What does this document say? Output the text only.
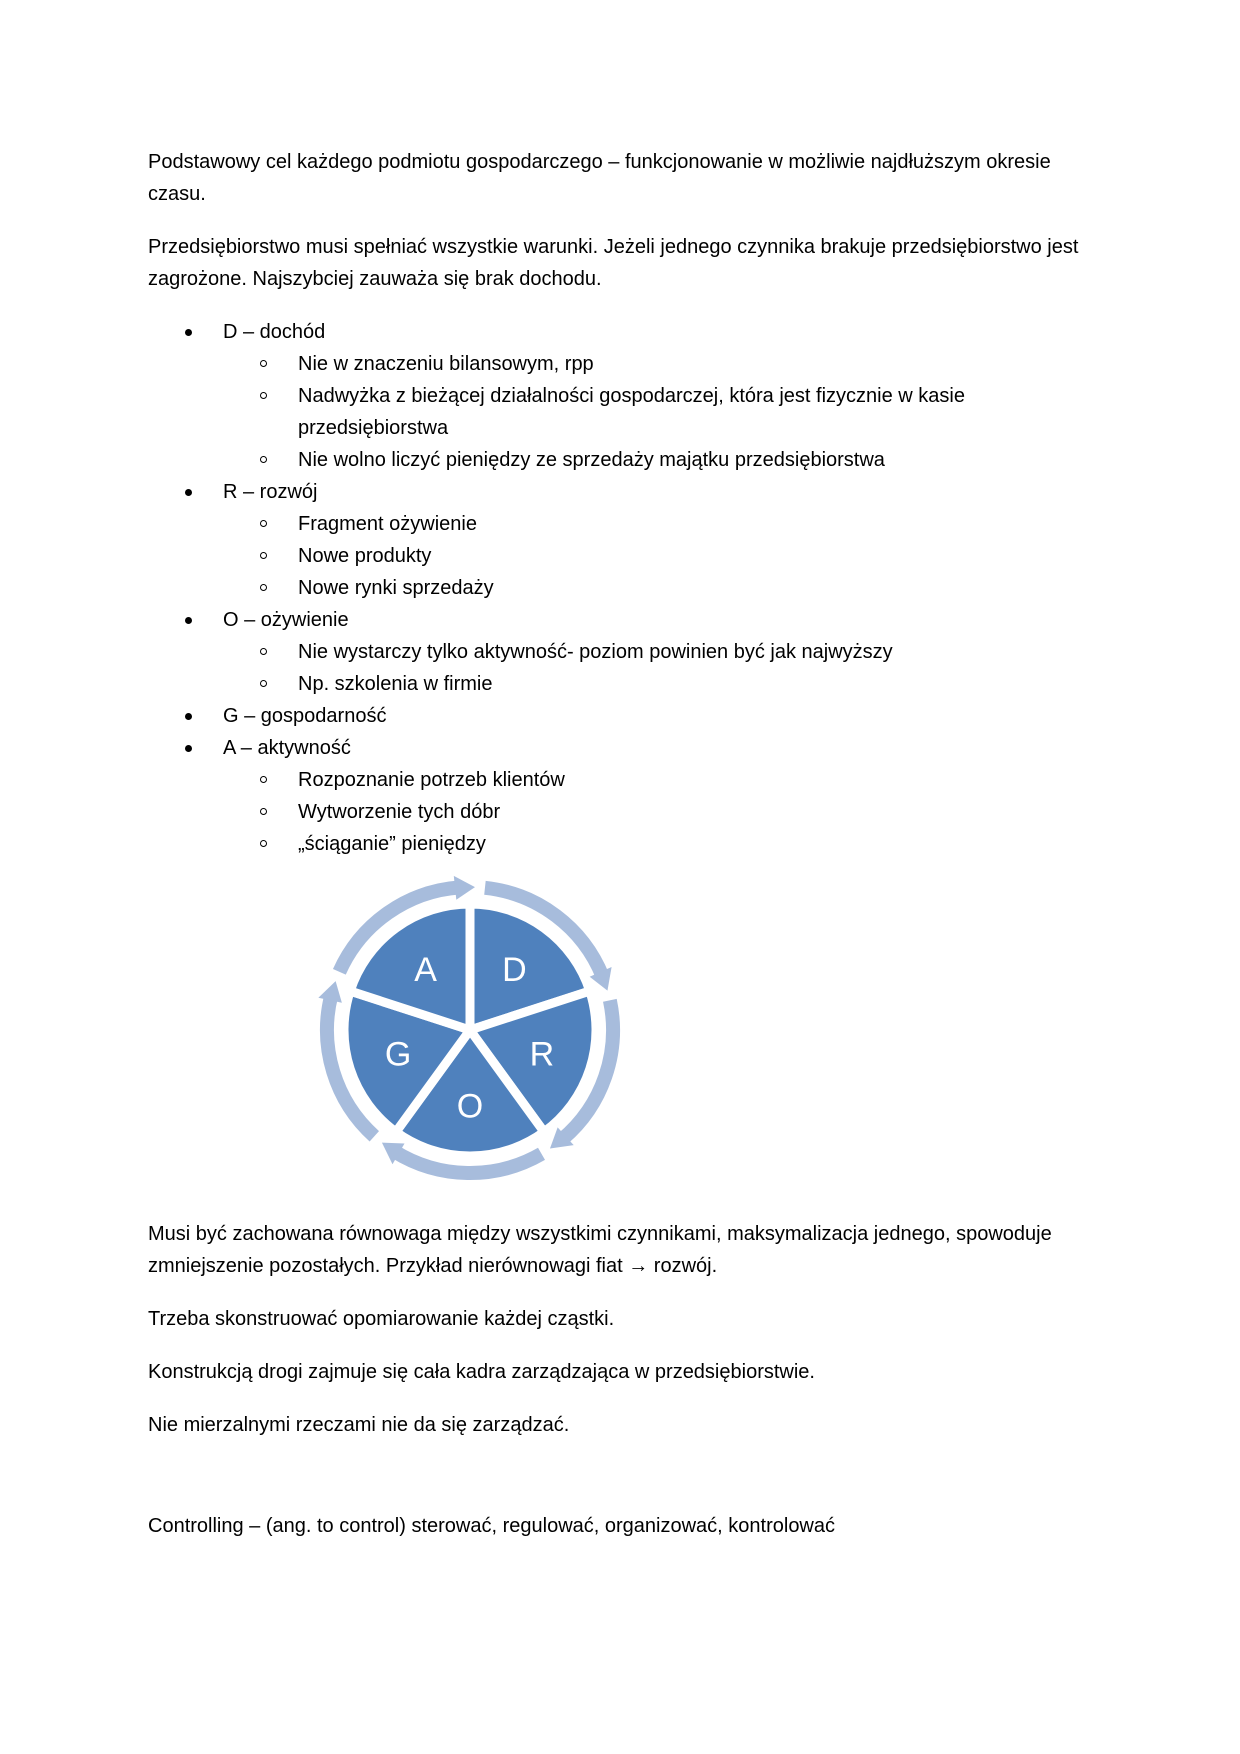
Podstawowy cel każdego podmiotu gospodarczego – funkcjonowanie w możliwie najdłuższym okresie czasu.

Przedsiębiorstwo musi spełniać wszystkie warunki. Jeżeli jednego czynnika brakuje przedsiębiorstwo jest zagrożone. Najszybciej zauważa się brak dochodu.

D – dochód
Nie w znaczeniu bilansowym, rpp
Nadwyżka z bieżącej działalności gospodarczej, która jest fizycznie w kasie przedsiębiorstwa
Nie wolno liczyć pieniędzy ze sprzedaży majątku przedsiębiorstwa
R – rozwój
Fragment ożywienie
Nowe produkty
Nowe rynki sprzedaży
O – ożywienie
Nie wystarczy tylko aktywność- poziom powinien być jak najwyższy
Np. szkolenia w firmie
G – gospodarność
A – aktywność
Rozpoznanie potrzeb klientów
Wytworzenie tych dóbr
„ściąganie” pieniędzy
D
R
O
G
A

Musi być zachowana równowaga między wszystkimi czynnikami, maksymalizacja jednego, spowoduje zmniejszenie pozostałych. Przykład nierównowagi fiat → rozwój.

Trzeba skonstruować opomiarowanie każdej cząstki.

Konstrukcją drogi zajmuje się cała kadra zarządzająca w przedsiębiorstwie.

Nie mierzalnymi rzeczami nie da się zarządzać.

Controlling – (ang. to control) sterować, regulować, organizować, kontrolować
